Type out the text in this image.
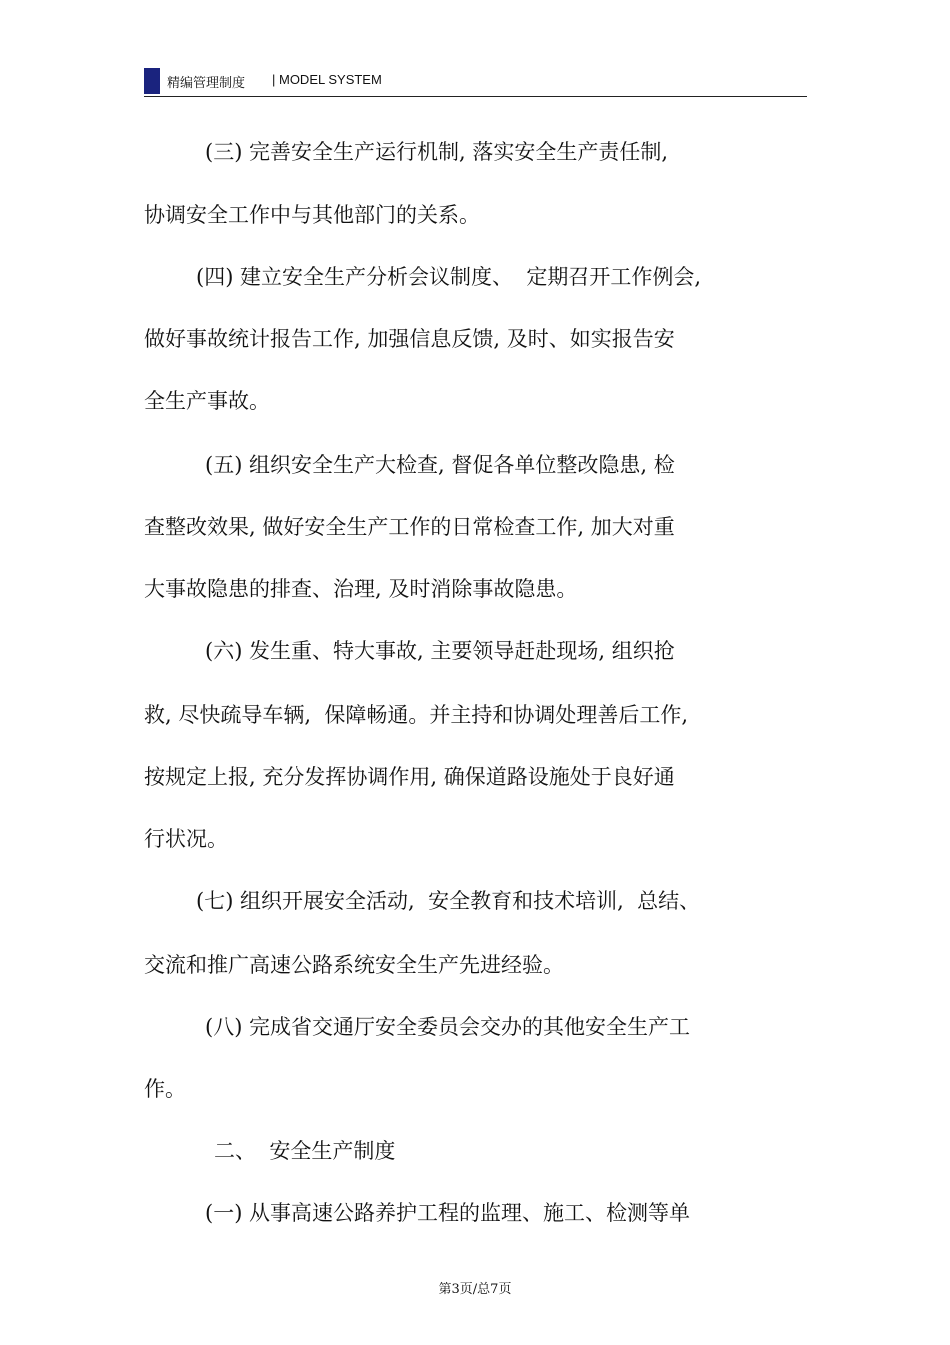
精编管理制度 | MODEL SYSTEM
(三) 完善安全生产运行机制, 落实安全生产责任制,
协调安全工作中与其他部门的关系。
(四) 建立安全生产分析会议制度、  定期召开工作例会,
做好事故统计报告工作, 加强信息反馈, 及时、如实报告安
全生产事故。
(五) 组织安全生产大检查, 督促各单位整改隐患, 检
查整改效果, 做好安全生产工作的日常检查工作, 加大对重
大事故隐患的排查、治理, 及时消除事故隐患。
(六) 发生重、特大事故, 主要领导赶赴现场, 组织抢
救, 尽快疏导车辆,  保障畅通。并主持和协调处理善后工作,
按规定上报, 充分发挥协调作用, 确保道路设施处于良好通
行状况。
(七) 组织开展安全活动,  安全教育和技术培训,  总结、
交流和推广高速公路系统安全生产先进经验。
(八) 完成省交通厅安全委员会交办的其他安全生产工
作。
二、  安全生产制度
(一) 从事高速公路养护工程的监理、施工、检测等单
第3页/总7页
